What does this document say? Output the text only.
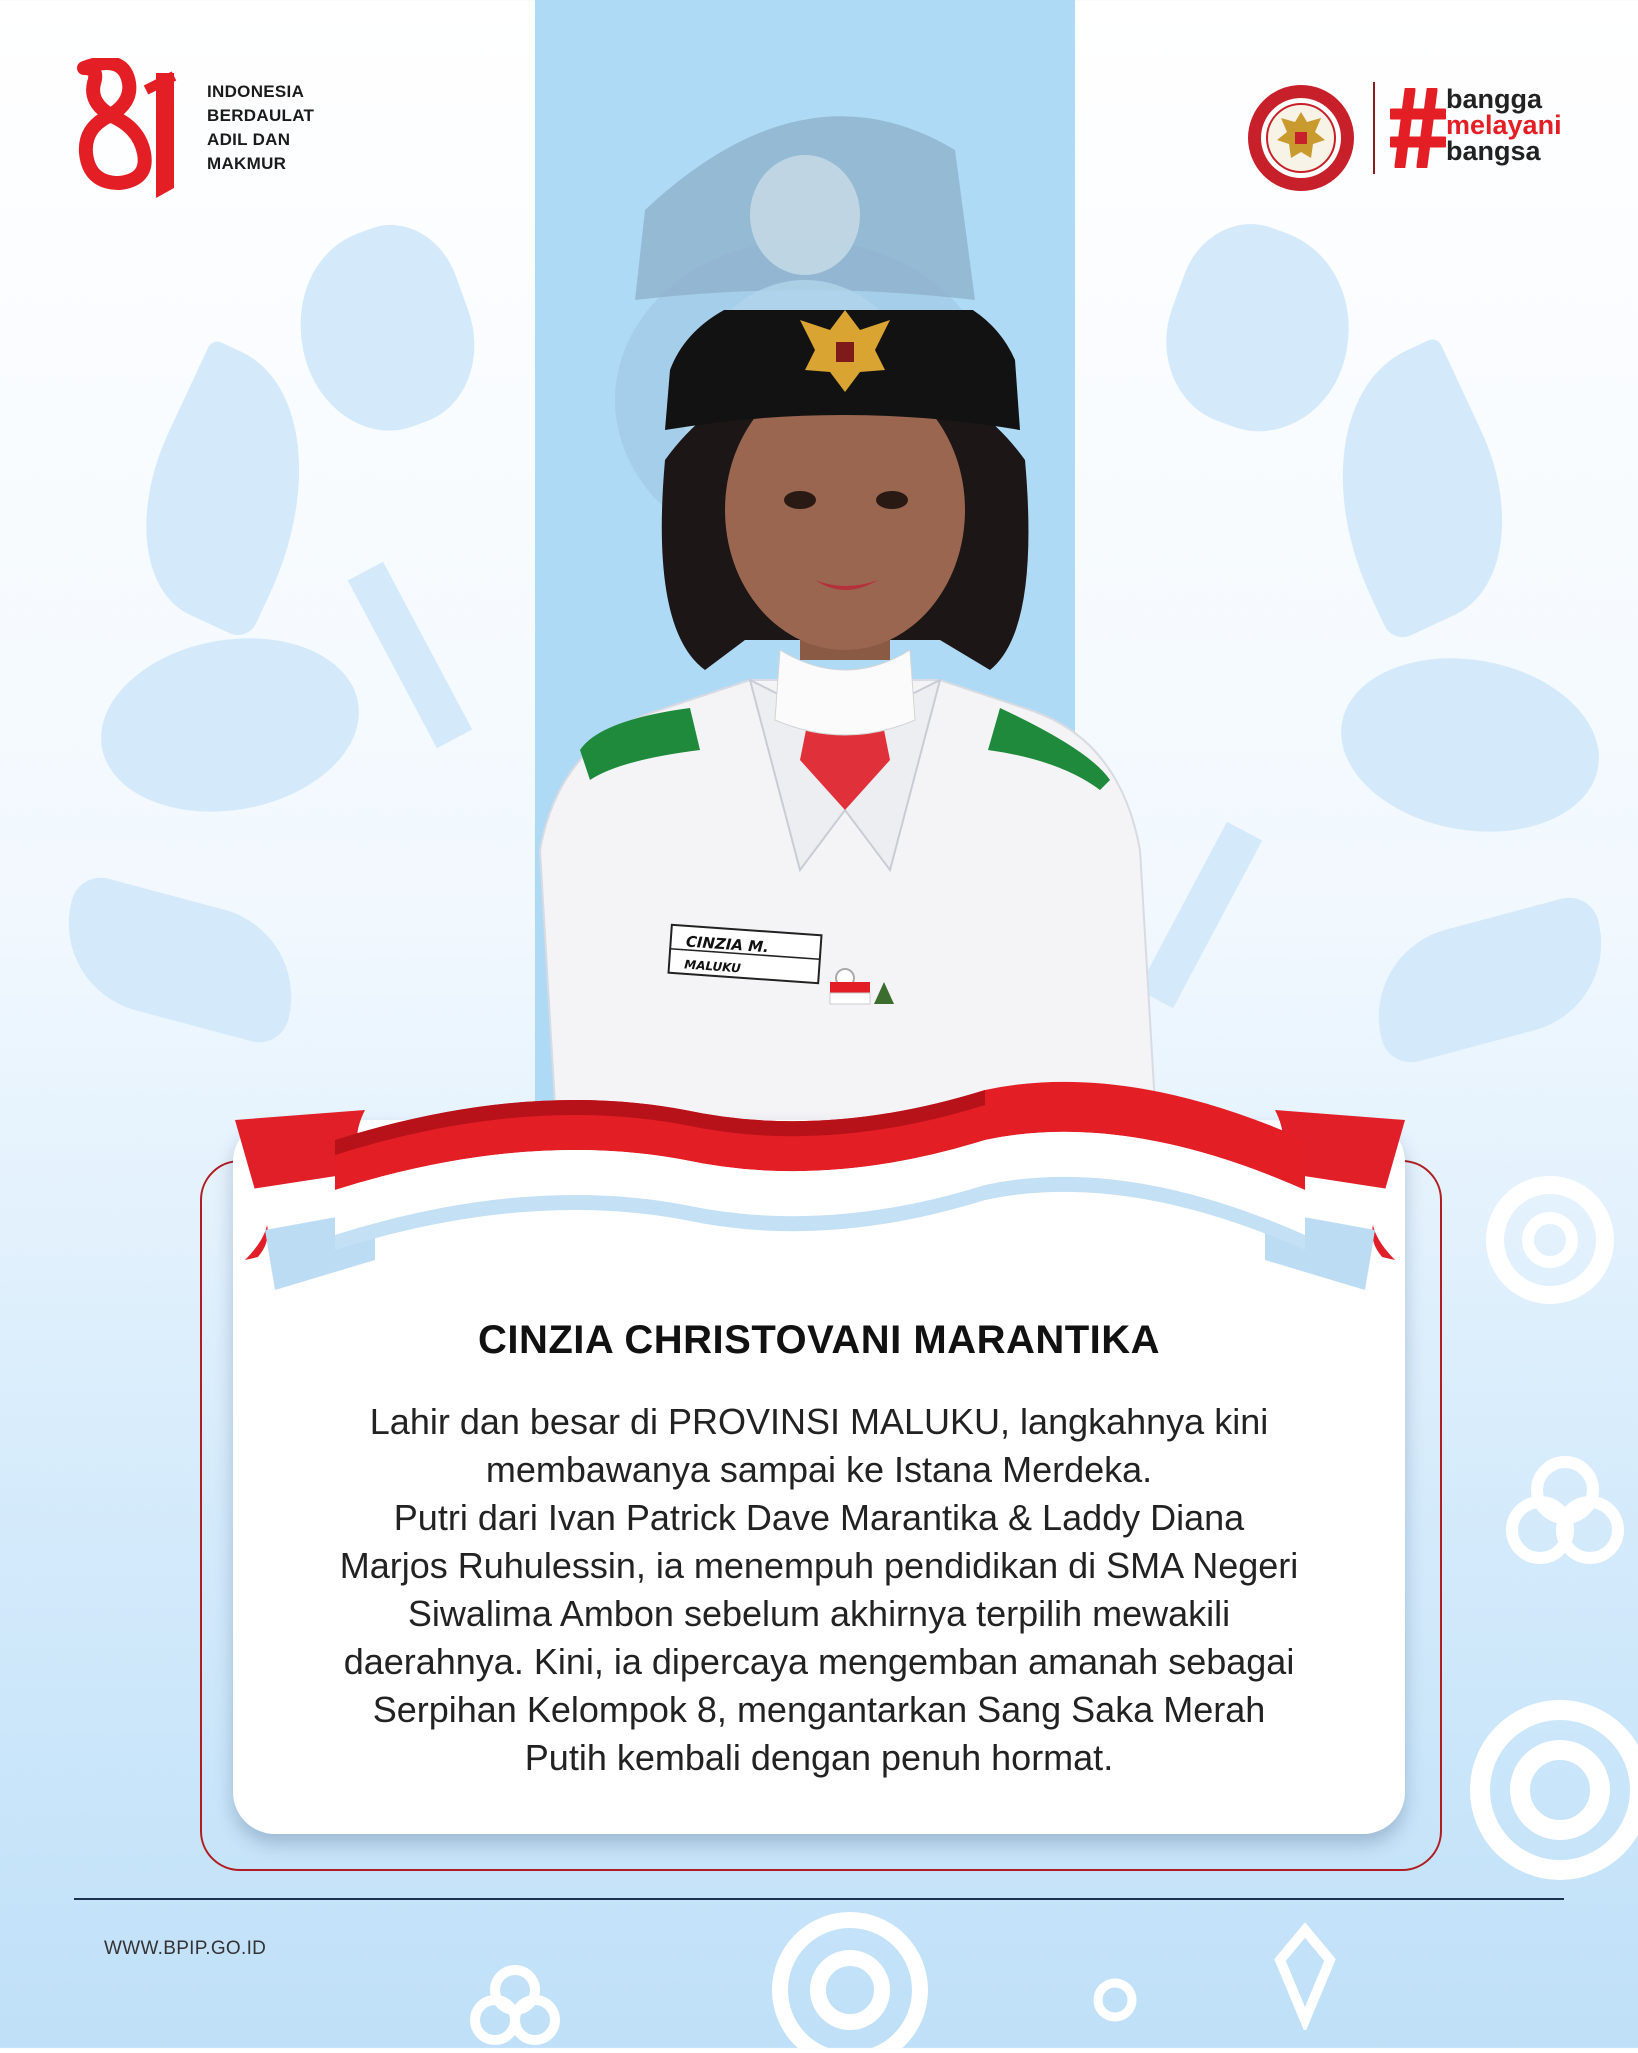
INDONESIA
BERDAULAT
ADIL DAN
MAKMUR
bangga
melayani
bangsa
CINZIA M.
MALUKU
CINZIA CHRISTOVANI MARANTIKA
Lahir dan besar di PROVINSI MALUKU, langkahnya kini
membawanya sampai ke Istana Merdeka.
Putri dari Ivan Patrick Dave Marantika & Laddy Diana
Marjos Ruhulessin, ia menempuh pendidikan di SMA Negeri
Siwalima Ambon sebelum akhirnya terpilih mewakili
daerahnya. Kini, ia dipercaya mengemban amanah sebagai
Serpihan Kelompok 8, mengantarkan Sang Saka Merah
Putih kembali dengan penuh hormat.
WWW.BPIP.GO.ID
